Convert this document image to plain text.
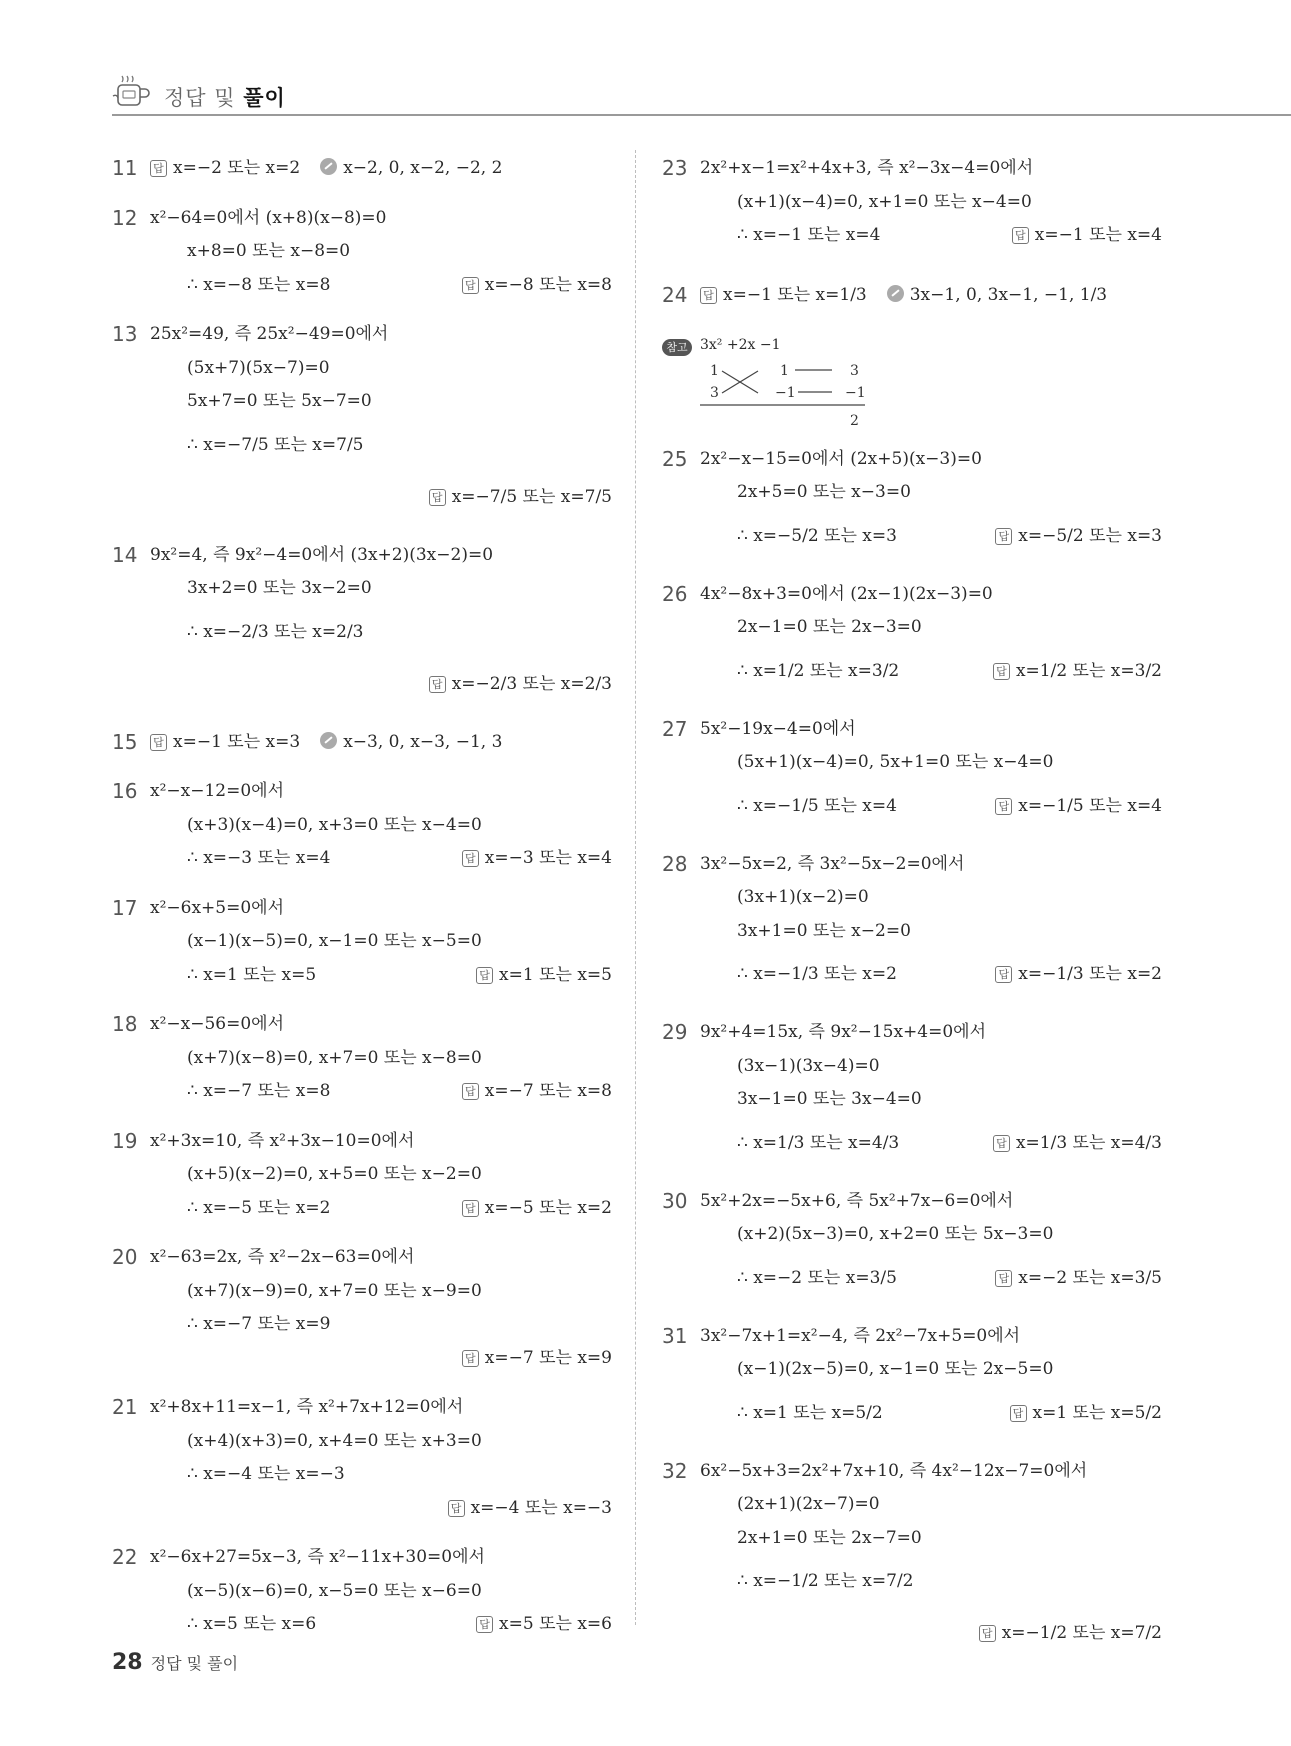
정답 및 풀이
11 답 x=−2 또는 x=2	x−2, 0, x−2, −2, 2
12 x²−64=0에서 (x+8)(x−8)=0
x+8=0 또는 x−8=0
∴ x=−8 또는 x=8	답 x=−8 또는 x=8
13 25x²=49, 즉 25x²−49=0에서
(5x+7)(5x−7)=0
5x+7=0 또는 5x−7=0
∴ x=−7/5 또는 x=7/5
답 x=−7/5 또는 x=7/5
14 9x²=4, 즉 9x²−4=0에서 (3x+2)(3x−2)=0
3x+2=0 또는 3x−2=0
∴ x=−2/3 또는 x=2/3
답 x=−2/3 또는 x=2/3
15 답 x=−1 또는 x=3	x−3, 0, x−3, −1, 3
16 x²−x−12=0에서
(x+3)(x−4)=0, x+3=0 또는 x−4=0
∴ x=−3 또는 x=4	답 x=−3 또는 x=4
17 x²−6x+5=0에서
(x−1)(x−5)=0, x−1=0 또는 x−5=0
∴ x=1 또는 x=5	답 x=1 또는 x=5
18 x²−x−56=0에서
(x+7)(x−8)=0, x+7=0 또는 x−8=0
∴ x=−7 또는 x=8	답 x=−7 또는 x=8
19 x²+3x=10, 즉 x²+3x−10=0에서
(x+5)(x−2)=0, x+5=0 또는 x−2=0
∴ x=−5 또는 x=2	답 x=−5 또는 x=2
20 x²−63=2x, 즉 x²−2x−63=0에서
(x+7)(x−9)=0, x+7=0 또는 x−9=0
∴ x=−7 또는 x=9
답 x=−7 또는 x=9
21 x²+8x+11=x−1, 즉 x²+7x+12=0에서
(x+4)(x+3)=0, x+4=0 또는 x+3=0
∴ x=−4 또는 x=−3
답 x=−4 또는 x=−3
22 x²−6x+27=5x−3, 즉 x²−11x+30=0에서
(x−5)(x−6)=0, x−5=0 또는 x−6=0
∴ x=5 또는 x=6	답 x=5 또는 x=6
23 2x²+x−1=x²+4x+3, 즉 x²−3x−4=0에서
(x+1)(x−4)=0, x+1=0 또는 x−4=0
∴ x=−1 또는 x=4	답 x=−1 또는 x=4
24 답 x=−1 또는 x=1/3	3x−1, 0, 3x−1, −1, 1/3
참고 3x² +2x −1
1	1	3
3	−1	−1
2
25 2x²−x−15=0에서 (2x+5)(x−3)=0
2x+5=0 또는 x−3=0
∴ x=−5/2 또는 x=3	답 x=−5/2 또는 x=3
26 4x²−8x+3=0에서 (2x−1)(2x−3)=0
2x−1=0 또는 2x−3=0
∴ x=1/2 또는 x=3/2	답 x=1/2 또는 x=3/2
27 5x²−19x−4=0에서
(5x+1)(x−4)=0, 5x+1=0 또는 x−4=0
∴ x=−1/5 또는 x=4	답 x=−1/5 또는 x=4
28 3x²−5x=2, 즉 3x²−5x−2=0에서
(3x+1)(x−2)=0
3x+1=0 또는 x−2=0
∴ x=−1/3 또는 x=2	답 x=−1/3 또는 x=2
29 9x²+4=15x, 즉 9x²−15x+4=0에서
(3x−1)(3x−4)=0
3x−1=0 또는 3x−4=0
∴ x=1/3 또는 x=4/3	답 x=1/3 또는 x=4/3
30 5x²+2x=−5x+6, 즉 5x²+7x−6=0에서
(x+2)(5x−3)=0, x+2=0 또는 5x−3=0
∴ x=−2 또는 x=3/5	답 x=−2 또는 x=3/5
31 3x²−7x+1=x²−4, 즉 2x²−7x+5=0에서
(x−1)(2x−5)=0, x−1=0 또는 2x−5=0
∴ x=1 또는 x=5/2	답 x=1 또는 x=5/2
32 6x²−5x+3=2x²+7x+10, 즉 4x²−12x−7=0에서
(2x+1)(2x−7)=0
2x+1=0 또는 2x−7=0
∴ x=−1/2 또는 x=7/2
답 x=−1/2 또는 x=7/2
28 정답 및 풀이
